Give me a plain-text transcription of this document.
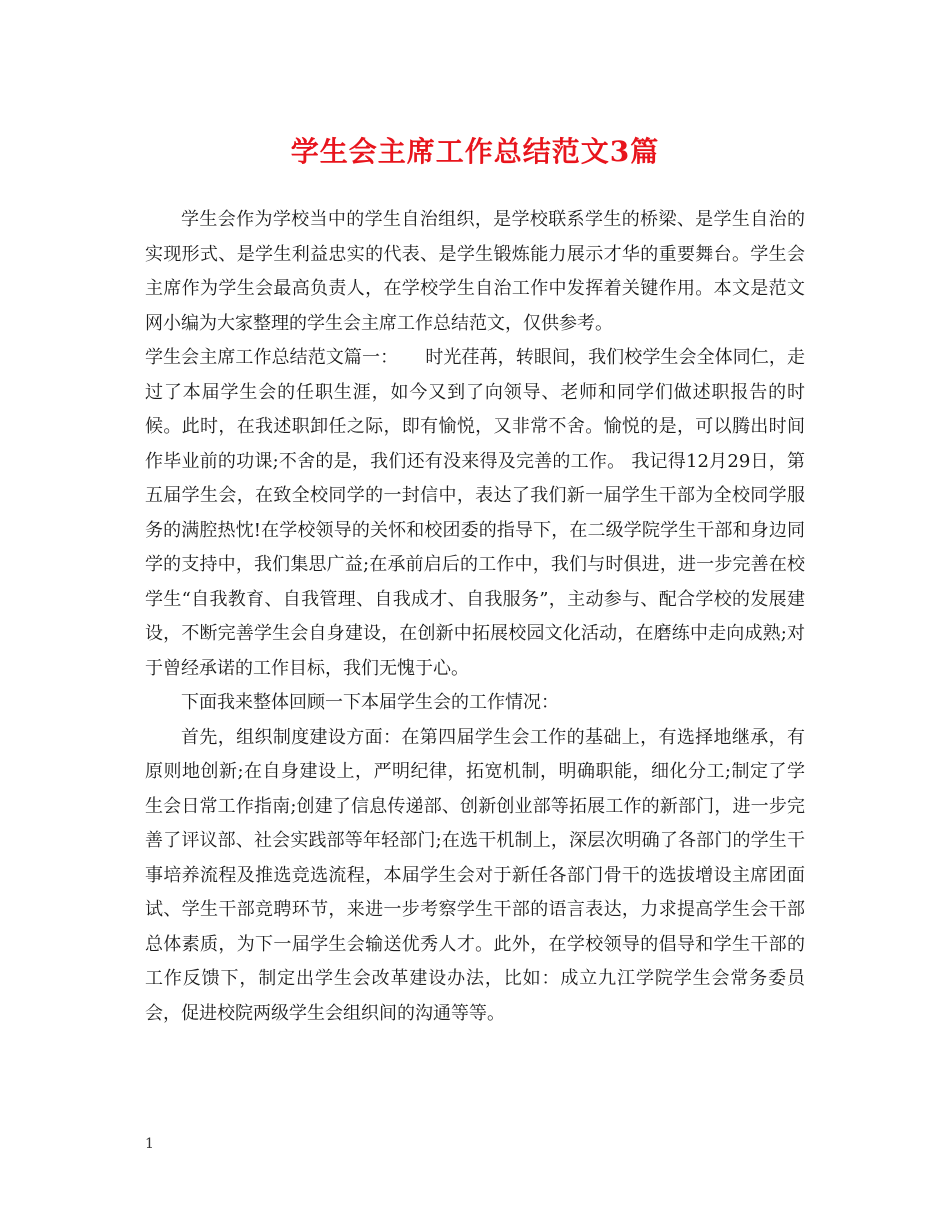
学生会主席工作总结范文3篇

学生会作为学校当中的学生自治组织，是学校联系学生的桥梁、是学生自治的实现形式、是学生利益忠实的代表、是学生锻炼能力展示才华的重要舞台。学生会主席作为学生会最高负责人，在学校学生自治工作中发挥着关键作用。本文是范文网小编为大家整理的学生会主席工作总结范文，仅供参考。

学生会主席工作总结范文篇一：　　时光荏苒，转眼间，我们校学生会全体同仁，走过了本届学生会的任职生涯，如今又到了向领导、老师和同学们做述职报告的时候。此时，在我述职卸任之际，即有愉悦，又非常不舍。愉悦的是，可以腾出时间作毕业前的功课;不舍的是，我们还有没来得及完善的工作。 我记得12月29日，第五届学生会，在致全校同学的一封信中，表达了我们新一届学生干部为全校同学服务的满腔热忱!在学校领导的关怀和校团委的指导下，在二级学院学生干部和身边同学的支持中，我们集思广益;在承前启后的工作中，我们与时俱进，进一步完善在校学生“自我教育、自我管理、自我成才、自我服务”，主动参与、配合学校的发展建设，不断完善学生会自身建设，在创新中拓展校园文化活动，在磨练中走向成熟;对于曾经承诺的工作目标，我们无愧于心。

下面我来整体回顾一下本届学生会的工作情况：

首先，组织制度建设方面：在第四届学生会工作的基础上，有选择地继承，有原则地创新;在自身建设上，严明纪律，拓宽机制，明确职能，细化分工;制定了学生会日常工作指南;创建了信息传递部、创新创业部等拓展工作的新部门，进一步完善了评议部、社会实践部等年轻部门;在选干机制上，深层次明确了各部门的学生干事培养流程及推选竞选流程，本届学生会对于新任各部门骨干的选拔增设主席团面试、学生干部竞聘环节，来进一步考察学生干部的语言表达，力求提高学生会干部总体素质，为下一届学生会输送优秀人才。此外，在学校领导的倡导和学生干部的工作反馈下，制定出学生会改革建设办法，比如：成立九江学院学生会常务委员会，促进校院两级学生会组织间的沟通等等。

1
